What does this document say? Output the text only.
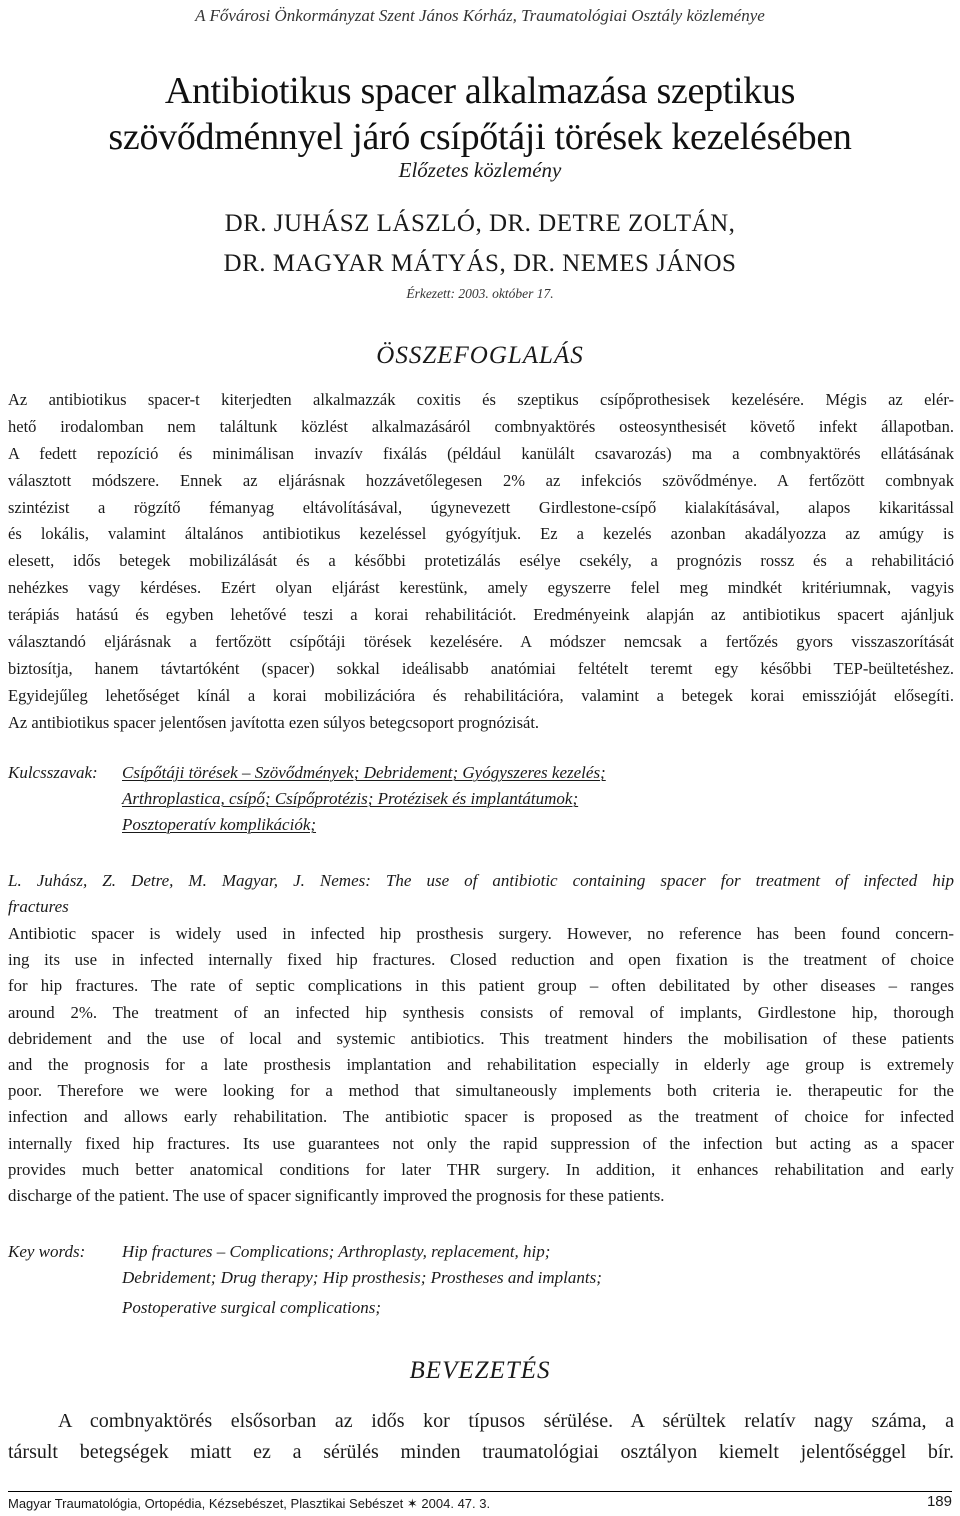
A Fővárosi Önkormányzat Szent János Kórház, Traumatológiai Osztály közleménye
Antibiotikus spacer alkalmazása szeptikus
szövődménnyel járó csípőtáji törések kezelésében
Előzetes közlemény
DR. JUHÁSZ LÁSZLÓ, DR. DETRE ZOLTÁN,
DR. MAGYAR MÁTYÁS, DR. NEMES JÁNOS
Érkezett: 2003. október 17.
ÖSSZEFOGLALÁS
Az antibiotikus spacer-t kiterjedten alkalmazzák coxitis és szeptikus csípőprothesisek kezelésére. Mégis az elér-
hető irodalomban nem találtunk közlést alkalmazásáról combnyaktörés osteosynthesisét követő infekt állapotban.
A fedett repozíció és minimálisan invazív fixálás (például kanülált csavarozás) ma a combnyaktörés ellátásának
választott módszere. Ennek az eljárásnak hozzávetőlegesen 2% az infekciós szövődménye. A fertőzött combnyak
szintézist a rögzítő fémanyag eltávolításával, úgynevezett Girdlestone-csípő kialakításával, alapos kikaritással
és lokális, valamint általános antibiotikus kezeléssel gyógyítjuk. Ez a kezelés azonban akadályozza az amúgy is
elesett, idős betegek mobilizálását és a későbbi protetizálás esélye csekély, a prognózis rossz és a rehabilitáció
nehézkes vagy kérdéses. Ezért olyan eljárást kerestünk, amely egyszerre felel meg mindkét kritériumnak, vagyis
terápiás hatású és egyben lehetővé teszi a korai rehabilitációt. Eredményeink alapján az antibiotikus spacert ajánljuk
választandó eljárásnak a fertőzött csípőtáji törések kezelésére. A módszer nemcsak a fertőzés gyors visszaszorítását
biztosítja, hanem távtartóként (spacer) sokkal ideálisabb anatómiai feltételt teremt egy későbbi TEP-beültetéshez.
Egyidejűleg lehetőséget kínál a korai mobilizációra és rehabilitációra, valamint a betegek korai emisszióját elősegíti.
Az antibiotikus spacer jelentősen javította ezen súlyos betegcsoport prognózisát.
Kulcsszavak: Csípőtáji törések – Szövődmények; Debridement; Gyógyszeres kezelés;
Arthroplastica, csípő; Csípőprotézis; Protézisek és implantátumok;
Posztoperatív komplikációk;
L. Juhász, Z. Detre, M. Magyar, J. Nemes: The use of antibiotic containing spacer for treatment of infected hip
fractures
Antibiotic spacer is widely used in infected hip prosthesis surgery. However, no reference has been found concern-
ing its use in infected internally fixed hip fractures. Closed reduction and open fixation is the treatment of choice
for hip fractures. The rate of septic complications in this patient group – often debilitated by other diseases – ranges
around 2%. The treatment of an infected hip synthesis consists of removal of implants, Girdlestone hip, thorough
debridement and the use of local and systemic antibiotics. This treatment hinders the mobilisation of these patients
and the prognosis for a late prosthesis implantation and rehabilitation especially in elderly age group is extremely
poor. Therefore we were looking for a method that simultaneously implements both criteria ie. therapeutic for the
infection and allows early rehabilitation. The antibiotic spacer is proposed as the treatment of choice for infected
internally fixed hip fractures. Its use guarantees not only the rapid suppression of the infection but acting as a spacer
provides much better anatomical conditions for later THR surgery. In addition, it enhances rehabilitation and early
discharge of the patient. The use of spacer significantly improved the prognosis for these patients.
Key words: Hip fractures – Complications; Arthroplasty, replacement, hip;
Debridement; Drug therapy; Hip prosthesis; Prostheses and implants;
Postoperative surgical complications;
BEVEZETÉS
A combnyaktörés elsősorban az idős kor típusos sérülése. A sérültek relatív nagy száma, a
társult betegségek miatt ez a sérülés minden traumatológiai osztályon kiemelt jelentőséggel bír.
Magyar Traumatológia, Ortopédia, Kézsebészet, Plasztikai Sebészet ✶ 2004. 47. 3.	189
